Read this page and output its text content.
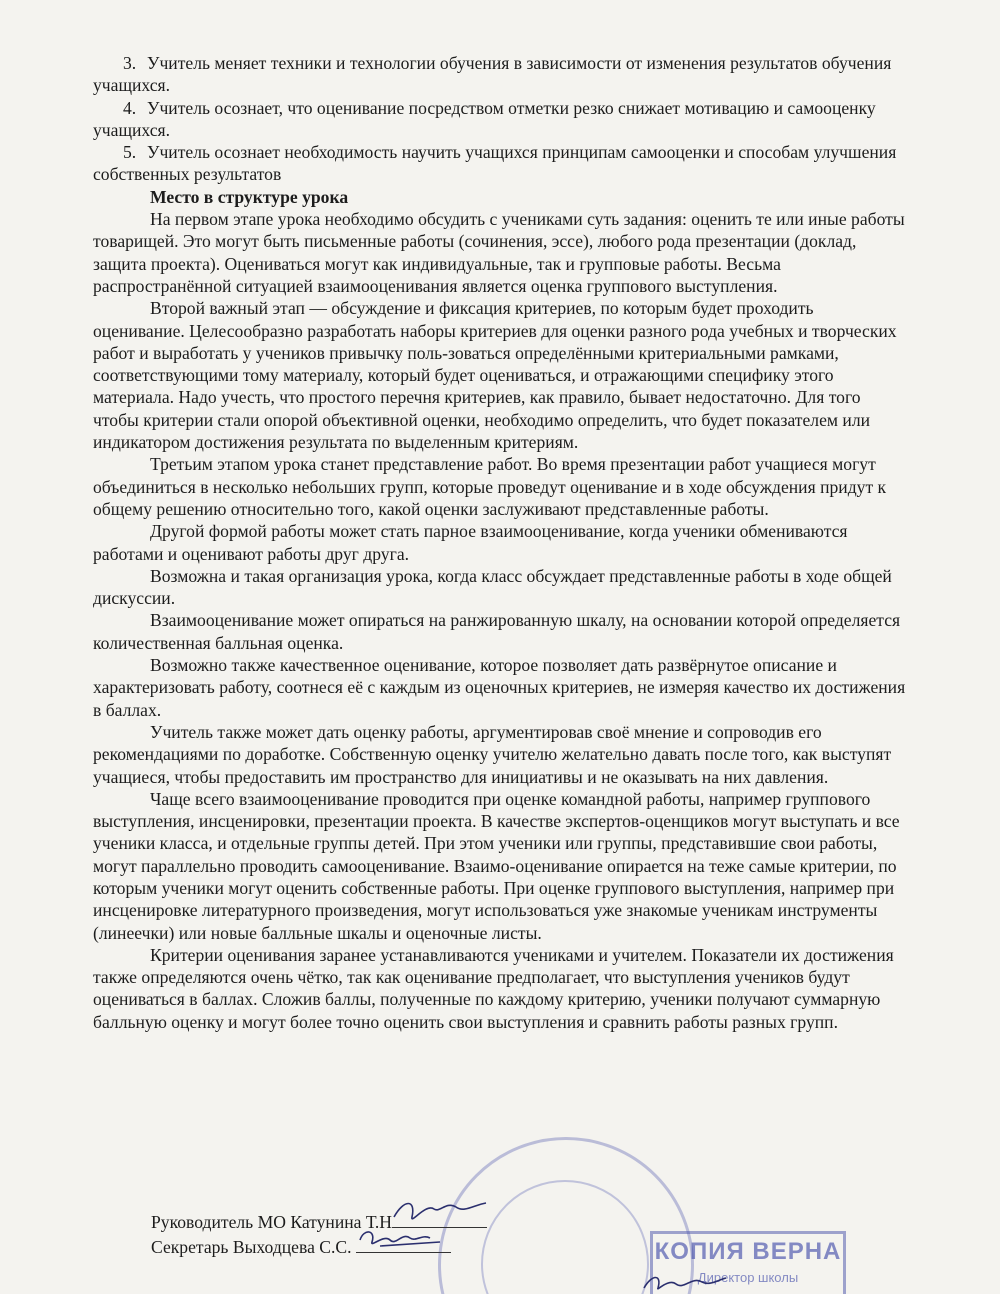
3. Учитель меняет техники и технологии обучения в зависимости от изменения результатов обучения учащихся.

4. Учитель осознает, что оценивание посредством отметки резко снижает мотивацию и самооценку учащихся.

5. Учитель осознает необходимость научить учащихся принципам самооценки и способам улучшения собственных результатов

Место в структуре урока

На первом этапе урока необходимо обсудить с учениками суть задания: оценить те или иные работы товарищей. Это могут быть письменные работы (сочинения, эссе), любого рода презентации (доклад, защита проекта). Оцениваться могут как индивидуальные, так и групповые работы. Весьма распространённой ситуацией взаимооценивания является оценка группового выступления.

Второй важный этап — обсуждение и фиксация критериев, по которым будет проходить оценивание. Целесообразно разработать наборы критериев для оценки разного рода учебных и творческих работ и выработать у учеников привычку поль-зоваться определёнными критериальными рамками, соответствующими тому материалу, который будет оцениваться, и отражающими специфику этого материала. Надо учесть, что простого перечня критериев, как правило, бывает недостаточно. Для того чтобы критерии стали опорой объективной оценки, необходимо определить, что будет показателем или индикатором достижения результата по выделенным критериям.

Третьим этапом урока станет представление работ. Во время презентации работ учащиеся могут объединиться в несколько небольших групп, которые проведут оценивание и в ходе обсуждения придут к общему решению относительно того, какой оценки заслуживают представленные работы.

Другой формой работы может стать парное взаимооценивание, когда ученики обмениваются работами и оценивают работы друг друга.

Возможна и такая организация урока, когда класс обсуждает представленные работы в ходе общей дискуссии.

Взаимооценивание может опираться на ранжированную шкалу, на основании которой определяется количественная балльная оценка.

Возможно также качественное оценивание, которое позволяет дать развёрнутое описание и характеризовать работу, соотнеся её с каждым из оценочных критериев, не измеряя качество их достижения в баллах.

Учитель также может дать оценку работы, аргументировав своё мнение и сопроводив его рекомендациями по доработке. Собственную оценку учителю желательно давать после того, как выступят учащиеся, чтобы предоставить им пространство для инициативы и не оказывать на них давления.

Чаще всего взаимооценивание проводится при оценке командной работы, например группового выступления, инсценировки, презентации проекта. В качестве экспертов-оценщиков могут выступать и все ученики класса, и отдельные группы детей. При этом ученики или группы, представившие свои работы, могут параллельно проводить самооценивание. Взаимо-оценивание опирается на теже самые критерии, по которым ученики могут оценить собственные работы. При оценке группового выступления, например при инсценировке литературного произведения, могут использоваться уже знакомые ученикам инструменты (линеечки) или новые балльные шкалы и оценочные листы.

Критерии оценивания заранее устанавливаются учениками и учителем. Показатели их достижения также определяются очень чётко, так как оценивание предполагает, что выступления учеников будут оцениваться в баллах. Сложив баллы, полученные по каждому критерию, ученики получают суммарную балльную оценку и могут более точно оценить свои выступления и сравнить работы разных групп.

Руководитель МО Катунина Т.Н
Секретарь Выходцева С.С.	КОПИЯ ВЕРНА
Директор школы
